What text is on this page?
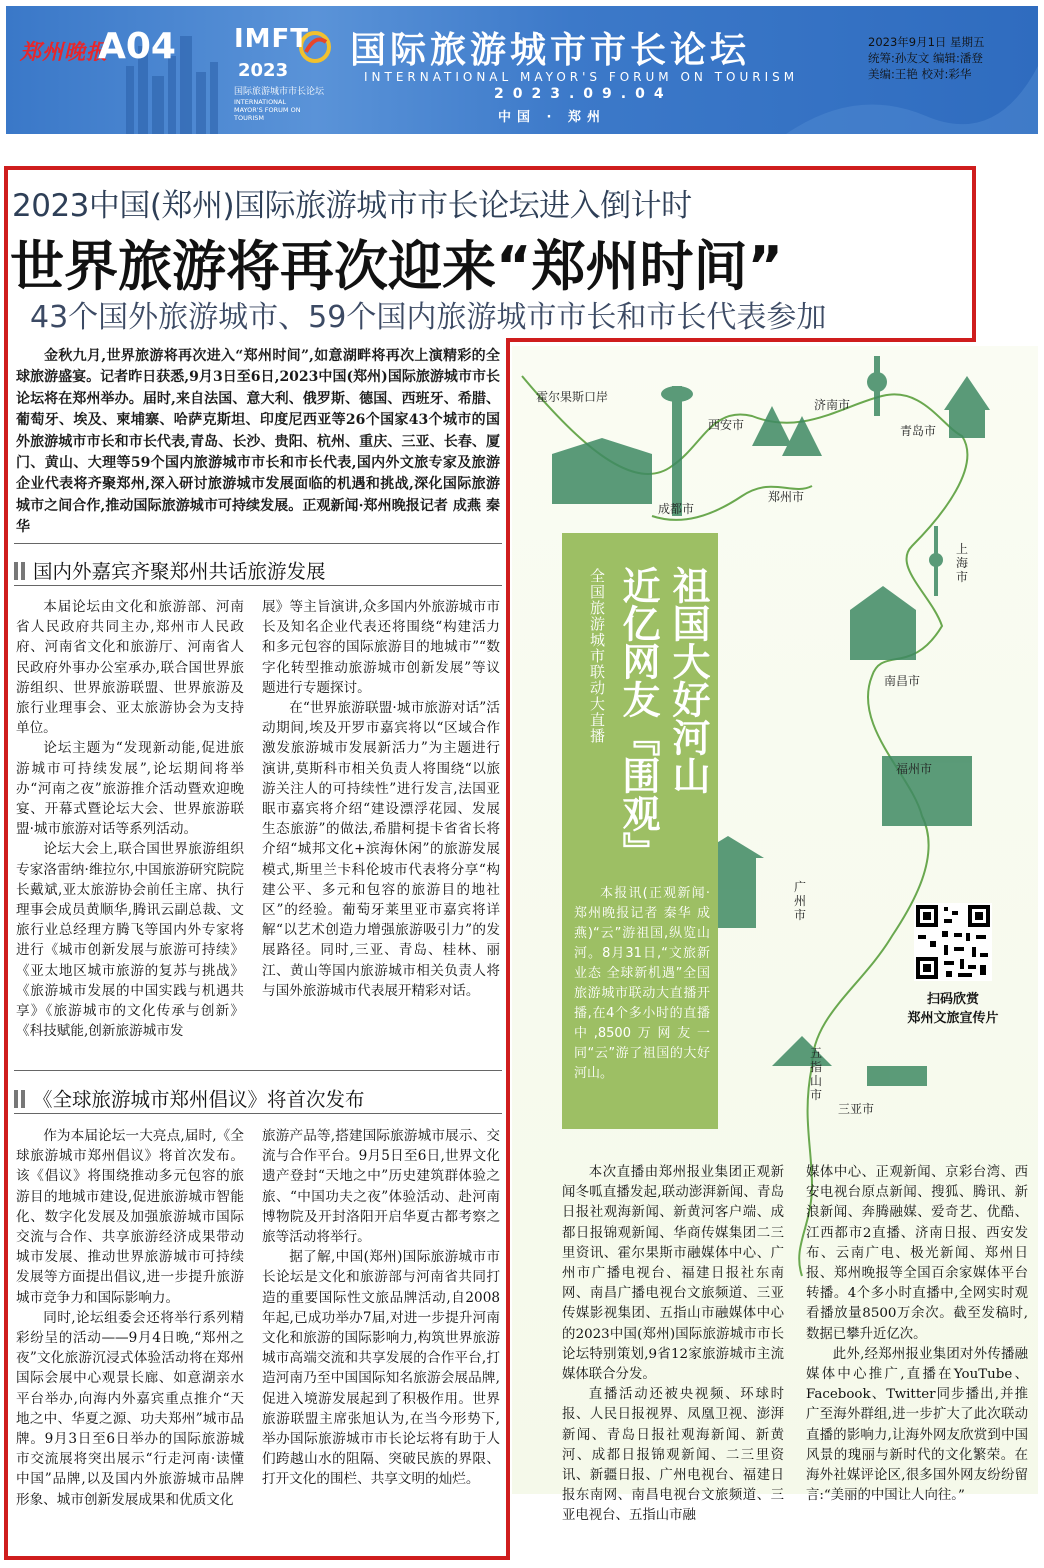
郑州晚报
A04 IMFT
2023
国际旅游城市市长论坛
INTERNATIONAL MAYOR'S FORUM ON TOURISM
国际旅游城市市长论坛
INTERNATIONAL MAYOR'S FORUM ON TOURISM
2023.09.04
中国 · 郑州
2023年9月1日 星期五
统筹:孙友文 编辑:潘登
美编:王艳 校对:彩华
2023中国(郑州)国际旅游城市市长论坛进入倒计时
世界旅游将再次迎来“郑州时间”
43个国外旅游城市、59个国内旅游城市市长和市长代表参加

金秋九月,世界旅游将再次进入“郑州时间”,如意湖畔将再次上演精彩的全球旅游盛宴。记者昨日获悉,9月3日至6日,2023中国(郑州)国际旅游城市市长论坛将在郑州举办。届时,来自法国、意大利、俄罗斯、德国、西班牙、希腊、葡萄牙、埃及、柬埔寨、哈萨克斯坦、印度尼西亚等26个国家43个城市的国外旅游城市市长和市长代表,青岛、长沙、贵阳、杭州、重庆、三亚、长春、厦门、黄山、大理等59个国内旅游城市市长和市长代表,国内外文旅专家及旅游企业代表将齐聚郑州,深入研讨旅游城市发展面临的机遇和挑战,深化国际旅游城市之间合作,推动国际旅游城市可持续发展。正观新闻·郑州晚报记者 成燕 秦华

国内外嘉宾齐聚郑州共话旅游发展

本届论坛由文化和旅游部、河南省人民政府共同主办,郑州市人民政府、河南省文化和旅游厅、河南省人民政府外事办公室承办,联合国世界旅游组织、世界旅游联盟、世界旅游及旅行业理事会、亚太旅游协会为支持单位。

论坛主题为“发现新动能,促进旅游城市可持续发展”,论坛期间将举办“河南之夜”旅游推介活动暨欢迎晚宴、开幕式暨论坛大会、世界旅游联盟·城市旅游对话等系列活动。

论坛大会上,联合国世界旅游组织专家洛雷纳·维拉尔,中国旅游研究院院长戴斌,亚太旅游协会前任主席、执行理事会成员黄顺华,腾讯云副总裁、文旅行业总经理方腾飞等国内外专家将进行《城市创新发展与旅游可持续》《亚太地区城市旅游的复苏与挑战》《旅游城市发展的中国实践与机遇共享》《旅游城市的文化传承与创新》《科技赋能,创新旅游城市发

展》等主旨演讲,众多国内外旅游城市市长及知名企业代表还将围绕“构建活力和多元包容的国际旅游目的地城市”“数字化转型推动旅游城市创新发展”等议题进行专题探讨。

在“世界旅游联盟·城市旅游对话”活动期间,埃及开罗市嘉宾将以“区域合作激发旅游城市发展新活力”为主题进行演讲,莫斯科市相关负责人将围绕“以旅游关注人的可持续性”进行发言,法国亚眠市嘉宾将介绍“建设漂浮花园、发展生态旅游”的做法,希腊柯提卡省省长将介绍“城邦文化+滨海休闲”的旅游发展模式,斯里兰卡科伦坡市代表将分享“构建公平、多元和包容的旅游目的地社区”的经验。葡萄牙莱里亚市嘉宾将详解“以艺术创造力增强旅游吸引力”的发展路径。同时,三亚、青岛、桂林、丽江、黄山等国内旅游城市相关负责人将与国外旅游城市代表展开精彩对话。

《全球旅游城市郑州倡议》将首次发布

作为本届论坛一大亮点,届时,《全球旅游城市郑州倡议》将首次发布。该《倡议》将围绕推动多元包容的旅游目的地城市建设,促进旅游城市智能化、数字化发展及加强旅游城市国际交流与合作、共享旅游经济成果带动城市发展、推动世界旅游城市可持续发展等方面提出倡议,进一步提升旅游城市竞争力和国际影响力。

同时,论坛组委会还将举行系列精彩纷呈的活动——9月4日晚,“郑州之夜”文化旅游沉浸式体验活动将在郑州国际会展中心观景长廊、如意湖亲水平台举办,向海内外嘉宾重点推介“天地之中、华夏之源、功夫郑州”城市品牌。9月3日至6日举办的国际旅游城市交流展将突出展示“行走河南·读懂中国”品牌,以及国内外旅游城市品牌形象、城市创新发展成果和优质文化

旅游产品等,搭建国际旅游城市展示、交流与合作平台。9月5日至6日,世界文化遗产登封“天地之中”历史建筑群体验之旅、“中国功夫之夜”体验活动、赴河南博物院及开封洛阳开启华夏古都考察之旅等活动将举行。

据了解,中国(郑州)国际旅游城市市长论坛是文化和旅游部与河南省共同打造的重要国际性文旅品牌活动,自2008年起,已成功举办7届,对进一步提升河南文化和旅游的国际影响力,构筑世界旅游城市高端交流和共享发展的合作平台,打造河南乃至中国国际知名旅游会展品牌,促进入境游发展起到了积极作用。世界旅游联盟主席张旭认为,在当今形势下,举办国际旅游城市市长论坛将有助于人们跨越山水的阻隔、突破民族的界限、打开文化的围栏、共享文明的灿烂。

霍尔果斯口岸
西安市
济南市
青岛市
成都市
郑州市
上海市
南昌市
福州市
广州市
五指山市
三亚市
祖国大好河山
近亿网友『围观』
全国旅游城市联动大直播
本报讯(正观新闻·郑州晚报记者 秦华 成燕)“云”游祖国,纵览山河。8月31日,“文旅新业态 全球新机遇”全国旅游城市联动大直播开播,在4个多小时的直播中,8500万网友一同“云”游了祖国的大好河山。
扫码欣赏
郑州文旅宣传片

本次直播由郑州报业集团正观新闻冬呱直播发起,联动澎湃新闻、青岛日报社观海新闻、新黄河客户端、成都日报锦观新闻、华商传媒集团二三里资讯、霍尔果斯市融媒体中心、广州市广播电视台、福建日报社东南网、南昌广播电视台文旅频道、三亚传媒影视集团、五指山市融媒体中心的2023中国(郑州)国际旅游城市市长论坛特别策划,9省12家旅游城市主流媒体联合分发。

直播活动还被央视频、环球时报、人民日报视界、凤凰卫视、澎湃新闻、青岛日报社观海新闻、新黄河、成都日报锦观新闻、二三里资讯、新疆日报、广州电视台、福建日报东南网、南昌电视台文旅频道、三亚电视台、五指山市融

媒体中心、正观新闻、京彩台湾、西安电视台原点新闻、搜狐、腾讯、新浪新闻、奔腾融媒、爱奇艺、优酷、江西都市2直播、济南日报、西安发布、云南广电、极光新闻、郑州日报、郑州晚报等全国百余家媒体平台转播。4个多小时直播中,全网实时观看播放量8500万余次。截至发稿时,数据已攀升近亿次。

此外,经郑州报业集团对外传播融媒体中心推广,直播在YouTube、Facebook、Twitter同步播出,并推广至海外群组,进一步扩大了此次联动直播的影响力,让海外网友欣赏到中国风景的瑰丽与新时代的文化繁荣。在海外社媒评论区,很多国外网友纷纷留言:“美丽的中国让人向往。”
